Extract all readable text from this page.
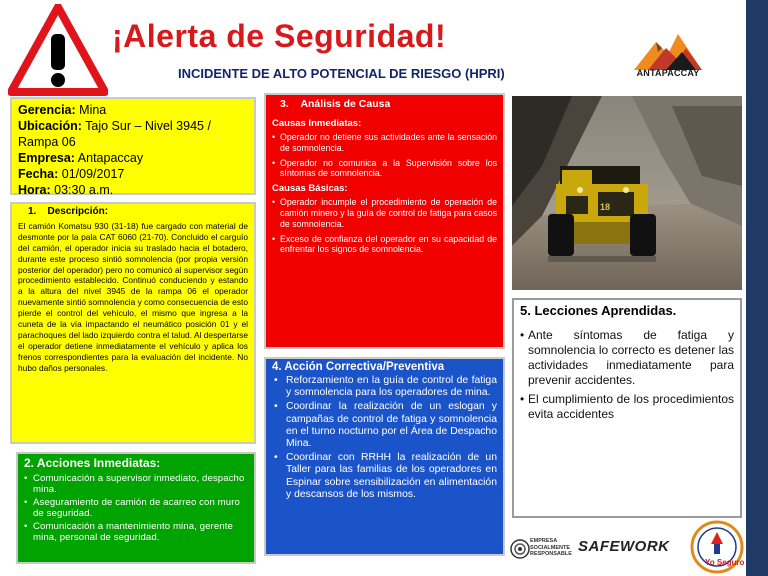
¡Alerta de Seguridad!
INCIDENTE DE ALTO POTENCIAL DE RIESGO (HPRI)	ANTAPACCAY
Gerencia: Mina
Ubicación: Tajo Sur – Nivel 3945 / Rampa 06
Empresa: Antapaccay
Fecha: 01/09/2017
Hora: 03:30 a.m.
1. Descripción:
El camión Komatsu 930 (31-18) fue cargado con material de desmonte por la pala CAT 6060 (21-70). Concluido el carguío del camión, el operador inicia su traslado hacia el botadero, durante este proceso sintió somnolencia (por propia versión posterior del operador) pero no comunicó al supervisor según procedimiento establecido. Continuó conduciendo y estando a la altura del nivel 3945 de la rampa 06 el operador nuevamente sintió somnolencia y como consecuencia de esto pierde el control del vehículo, el mismo que ingresa a la cuneta de la vía impactando el neumático posición 01 y el parachoques del lado izquierdo contra el talud. Al despertarse el operador detiene inmediatamente el vehículo y aplica los frenos correspondientes para la evaluación del incidente. No hubo daños personales.
3. Análisis de Causa
Causas Inmediatas:
• Operador no detiene sus actividades ante la sensación de somnolencia.
• Operador no comunica a la Supervisión sobre los síntomas de somnolencia.
Causas Básicas:
• Operador incumple el procedimiento de operación de camión minero y la guía de control de fatiga para casos de somnolencia.
• Exceso de confianza del operador en su capacidad de enfrentar los signos de somnolencia.
2. Acciones Inmediatas:
• Comunicación a supervisor inmediato, despacho mina.
• Aseguramiento de camión de acarreo con muro de seguridad.
• Comunicación a mantenimiento mina, gerente mina, personal de seguridad.
4. Acción Correctiva/Preventiva
• Reforzamiento en la guía de control de fatiga y somnolencia para los operadores de mina.
• Coordinar la realización de un eslogan y campañas de control de fatiga y somnolencia en el turno nocturno por el Área de Despacho Mina.
• Coordinar con RRHH la realización de un Taller para las familias de los operadores en Espinar sobre sensibilización en alimentación y descansos de los mismos.
18
5. Lecciones Aprendidas.
• Ante síntomas de fatiga y somnolencia lo correcto es detener las actividades inmediatamente para prevenir accidentes.
• El cumplimiento de los procedimientos evita accidentes
EMPRESA SOCIALMENTE RESPONSABLE SAFEWORK
Yo Seguro
